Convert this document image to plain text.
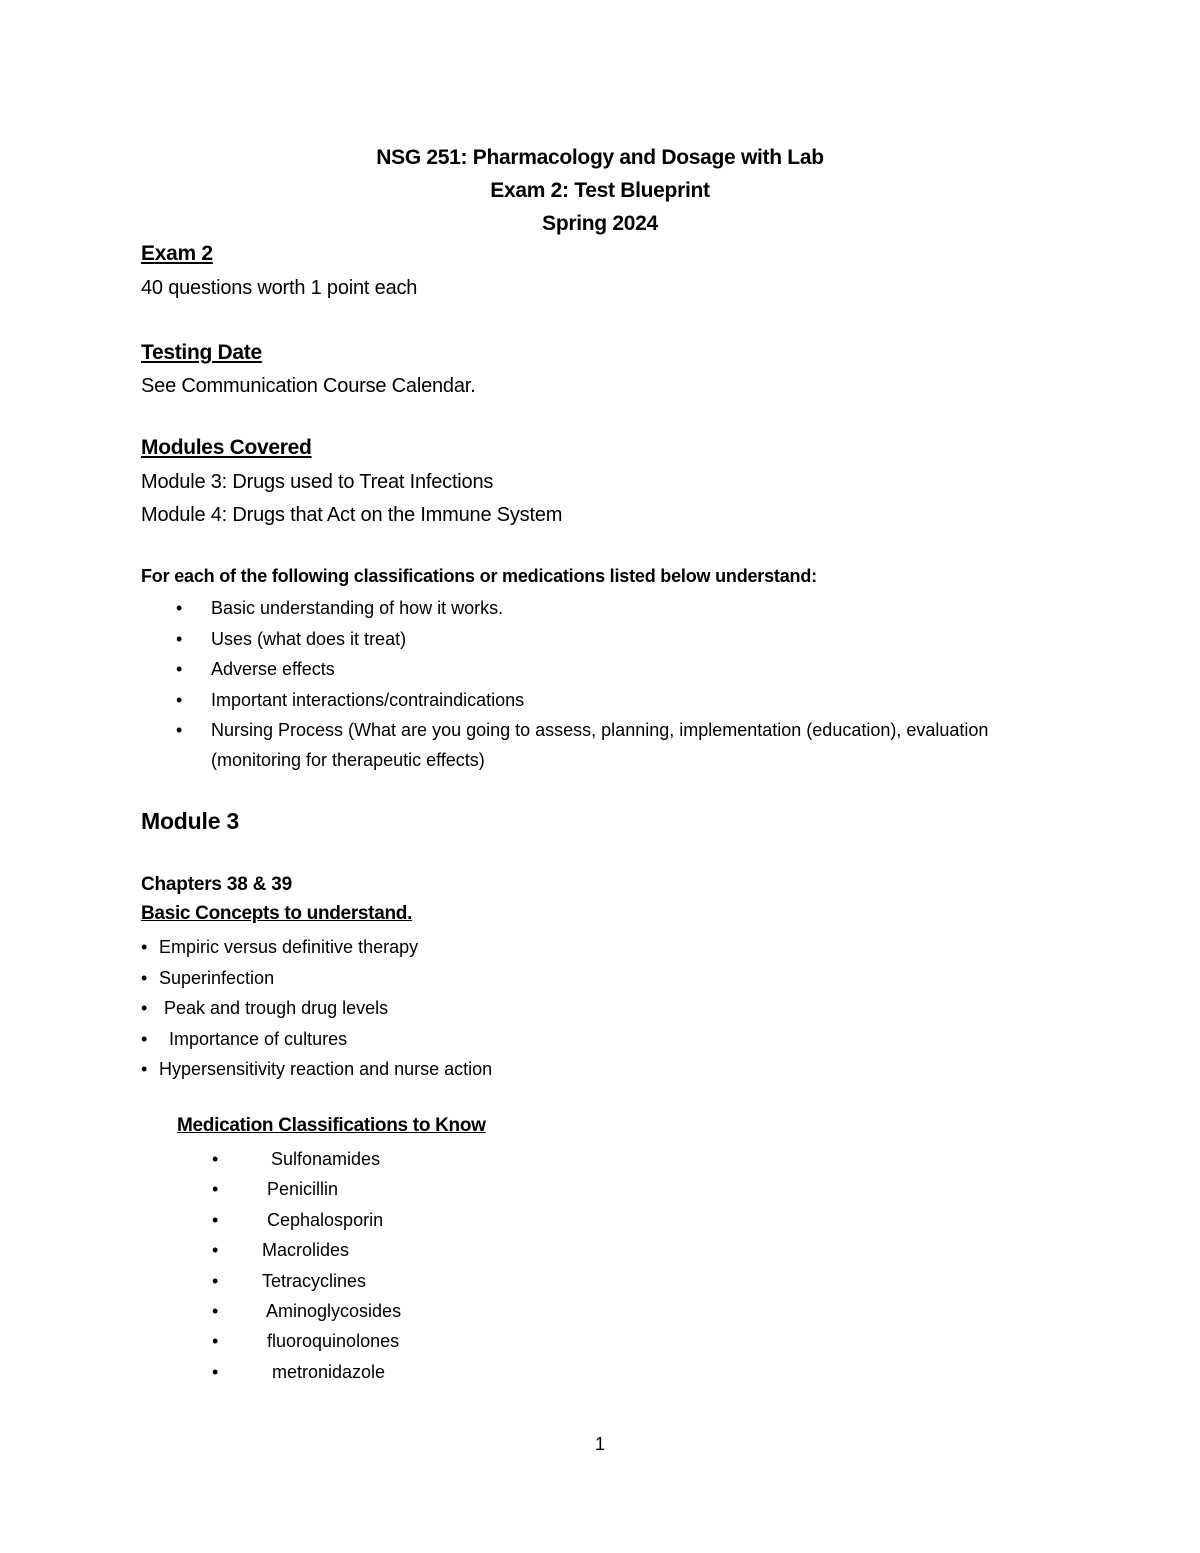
NSG 251: Pharmacology and Dosage with Lab
Exam 2: Test Blueprint
Spring 2024
Exam 2
40 questions worth 1 point each
Testing Date
See Communication Course Calendar.
Modules Covered
Module 3: Drugs used to Treat Infections
Module 4: Drugs that Act on the Immune System
For each of the following classifications or medications listed below understand:
• Basic understanding of how it works.
• Uses (what does it treat)
• Adverse effects
• Important interactions/contraindications
• Nursing Process (What are you going to assess, planning, implementation (education), evaluation (monitoring for therapeutic effects)
Module 3
Chapters 38 & 39
Basic Concepts to understand.
• Empiric versus definitive therapy
• Superinfection
• Peak and trough drug levels
• Importance of cultures
• Hypersensitivity reaction and nurse action
Medication Classifications to Know
•	Sulfonamides
• Penicillin
• Cephalosporin
• Macrolides
• Tetracyclines
• Aminoglycosides
• fluoroquinolones
• metronidazole
1
